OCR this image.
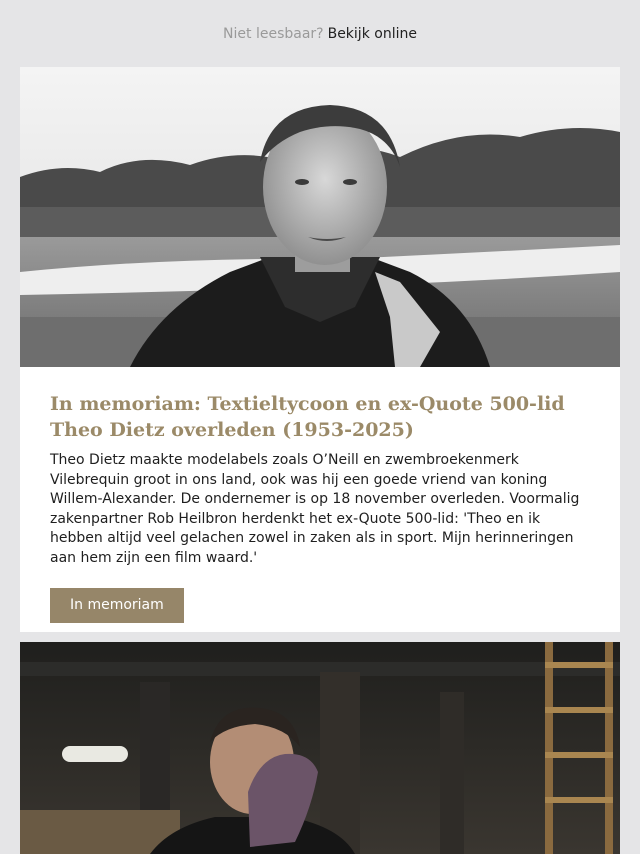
Niet leesbaar? Bekijk online
In memoriam: Textieltycoon en ex-Quote 500-lid Theo Dietz overleden (1953-2025)

Theo Dietz maakte modelabels zoals O’Neill en zwembroekenmerk Vilebrequin groot in ons land, ook was hij een goede vriend van koning Willem-Alexander. De ondernemer is op 18 november overleden. Voormalig zakenpartner Rob Heilbron herdenkt het ex-Quote 500-lid: 'Theo en ik hebben altijd veel gelachen zowel in zaken als in sport. Mijn herinneringen aan hem zijn een film waard.'

In memoriam
